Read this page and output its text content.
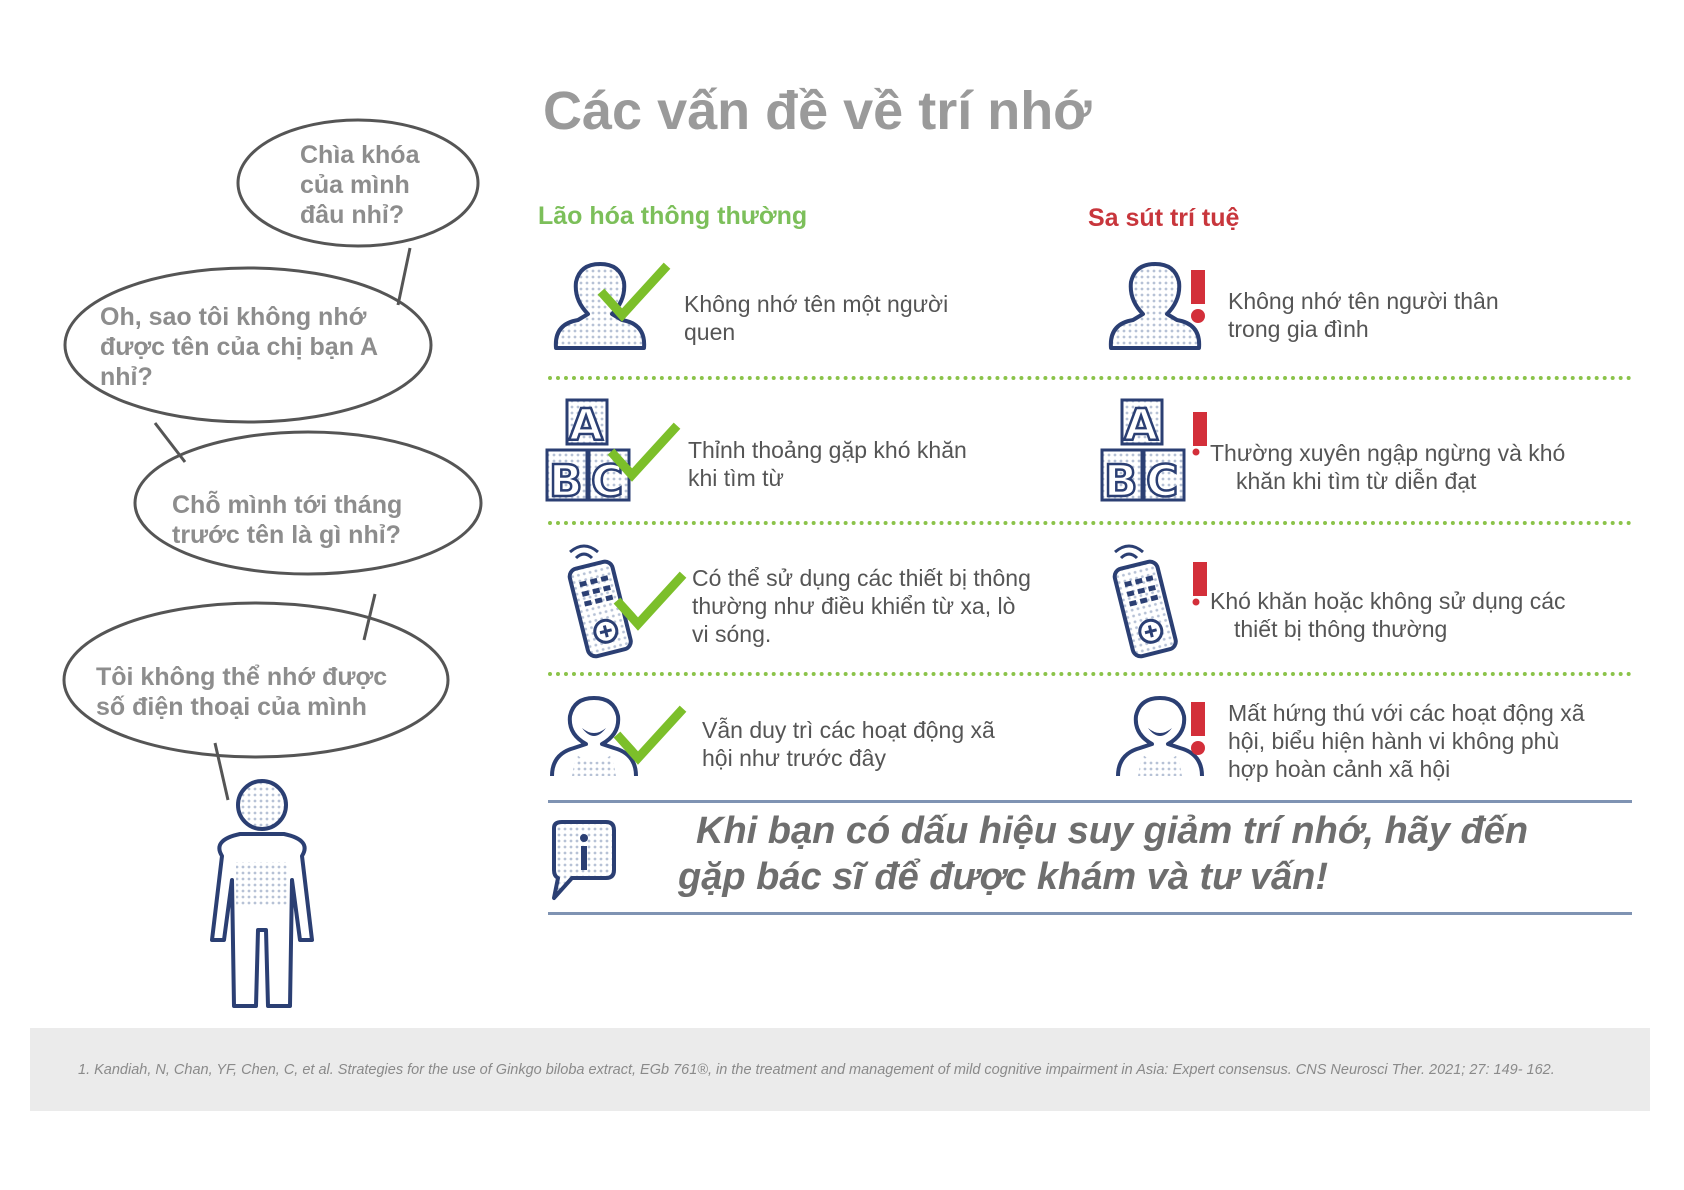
Các vấn đề về trí nhớ
Lão hóa thông thường	Sa sút trí tuệ
Chìa khóa
của mình
đâu nhỉ?
Oh, sao tôi không nhớ
được tên của chị bạn A
nhỉ?
Chỗ mình tới tháng
trước tên là gì nhỉ?
Tôi không thể nhớ được
số điện thoại của mình
Không nhớ tên một người
quen
Không nhớ tên người thân
trong gia đình
A
B C
A
B C
Thỉnh thoảng gặp khó khăn
khi tìm từ
Thường xuyên ngập ngừng và khó
khăn khi tìm từ diễn đạt
Có thể sử dụng các thiết bị thông
thường như điều khiển từ xa, lò
vi sóng.
Khó khăn hoặc không sử dụng các
thiết bị thông thường
Vẫn duy trì các hoạt động xã
hội như trước đây
Mất hứng thú với các hoạt động xã
hội, biểu hiện hành vi không phù
hợp hoàn cảnh xã hội
Khi bạn có dấu hiệu suy giảm trí nhớ, hãy đến
gặp bác sĩ để được khám và tư vấn!
1. Kandiah, N, Chan, YF, Chen, C, et al. Strategies for the use of Ginkgo biloba extract, EGb 761®, in the treatment and management of mild cognitive impairment in Asia: Expert consensus. CNS Neurosci Ther. 2021; 27: 149- 162.
